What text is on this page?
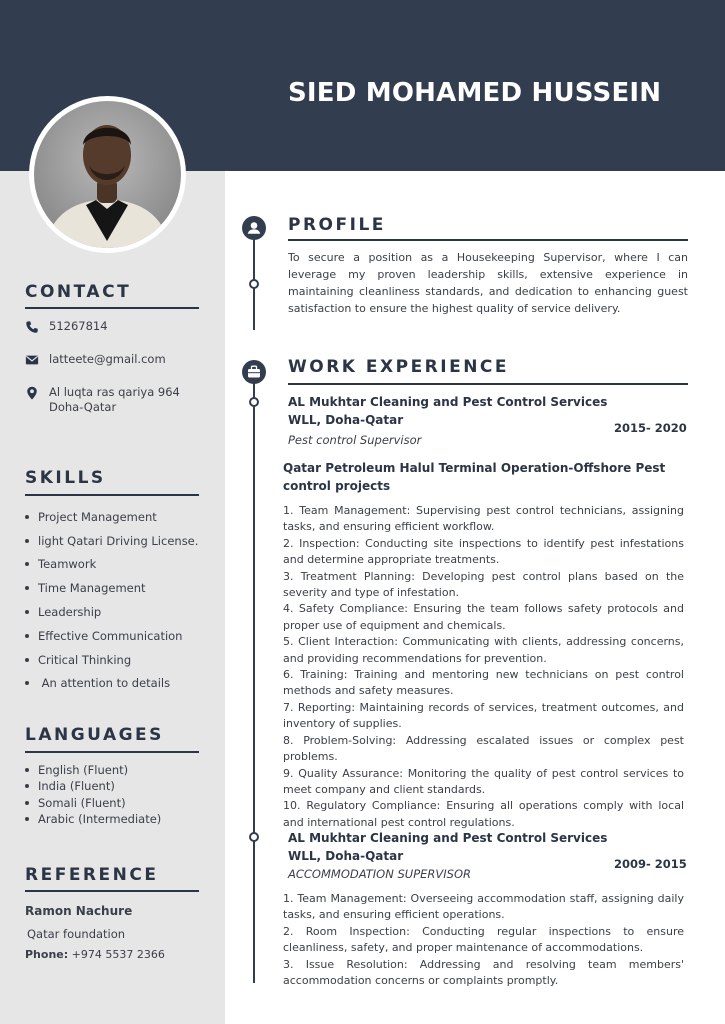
SIED MOHAMED HUSSEIN
CONTACT
51267814
latteete@gmail.com
Al luqta ras qariya 964
Doha-Qatar
SKILLS
Project Management
light Qatari Driving License.
Teamwork
Time Management
Leadership
Effective Communication
Critical Thinking
An attention to details
LANGUAGES
English (Fluent)
India (Fluent)
Somali (Fluent)
Arabic (Intermediate)
REFERENCE
Ramon Nachure
Qatar foundation
Phone: +974 5537 2366
PROFILE
To secure a position as a Housekeeping Supervisor, where I can leverage my proven leadership skills, extensive experience in maintaining cleanliness standards, and dedication to enhancing guest satisfaction to ensure the highest quality of service delivery.
WORK EXPERIENCE
AL Mukhtar Cleaning and Pest Control Services WLL, Doha-Qatar
Pest control Supervisor
2015- 2020
Qatar Petroleum Halul Terminal Operation-Offshore Pest control projects

1. Team Management: Supervising pest control technicians, assigning tasks, and ensuring efficient workflow.

2. Inspection: Conducting site inspections to identify pest infestations and determine appropriate treatments.

3. Treatment Planning: Developing pest control plans based on the severity and type of infestation.

4. Safety Compliance: Ensuring the team follows safety protocols and proper use of equipment and chemicals.

5. Client Interaction: Communicating with clients, addressing concerns, and providing recommendations for prevention.

6. Training: Training and mentoring new technicians on pest control methods and safety measures.

7. Reporting: Maintaining records of services, treatment outcomes, and inventory of supplies.

8. Problem-Solving: Addressing escalated issues or complex pest problems.

9. Quality Assurance: Monitoring the quality of pest control services to meet company and client standards.

10. Regulatory Compliance: Ensuring all operations comply with local and international pest control regulations.

AL Mukhtar Cleaning and Pest Control Services WLL, Doha-Qatar
ACCOMMODATION SUPERVISOR
2009- 2015

1. Team Management: Overseeing accommodation staff, assigning daily tasks, and ensuring efficient operations.

2. Room Inspection: Conducting regular inspections to ensure cleanliness, safety, and proper maintenance of accommodations.

3. Issue Resolution: Addressing and resolving team members' accommodation concerns or complaints promptly.
